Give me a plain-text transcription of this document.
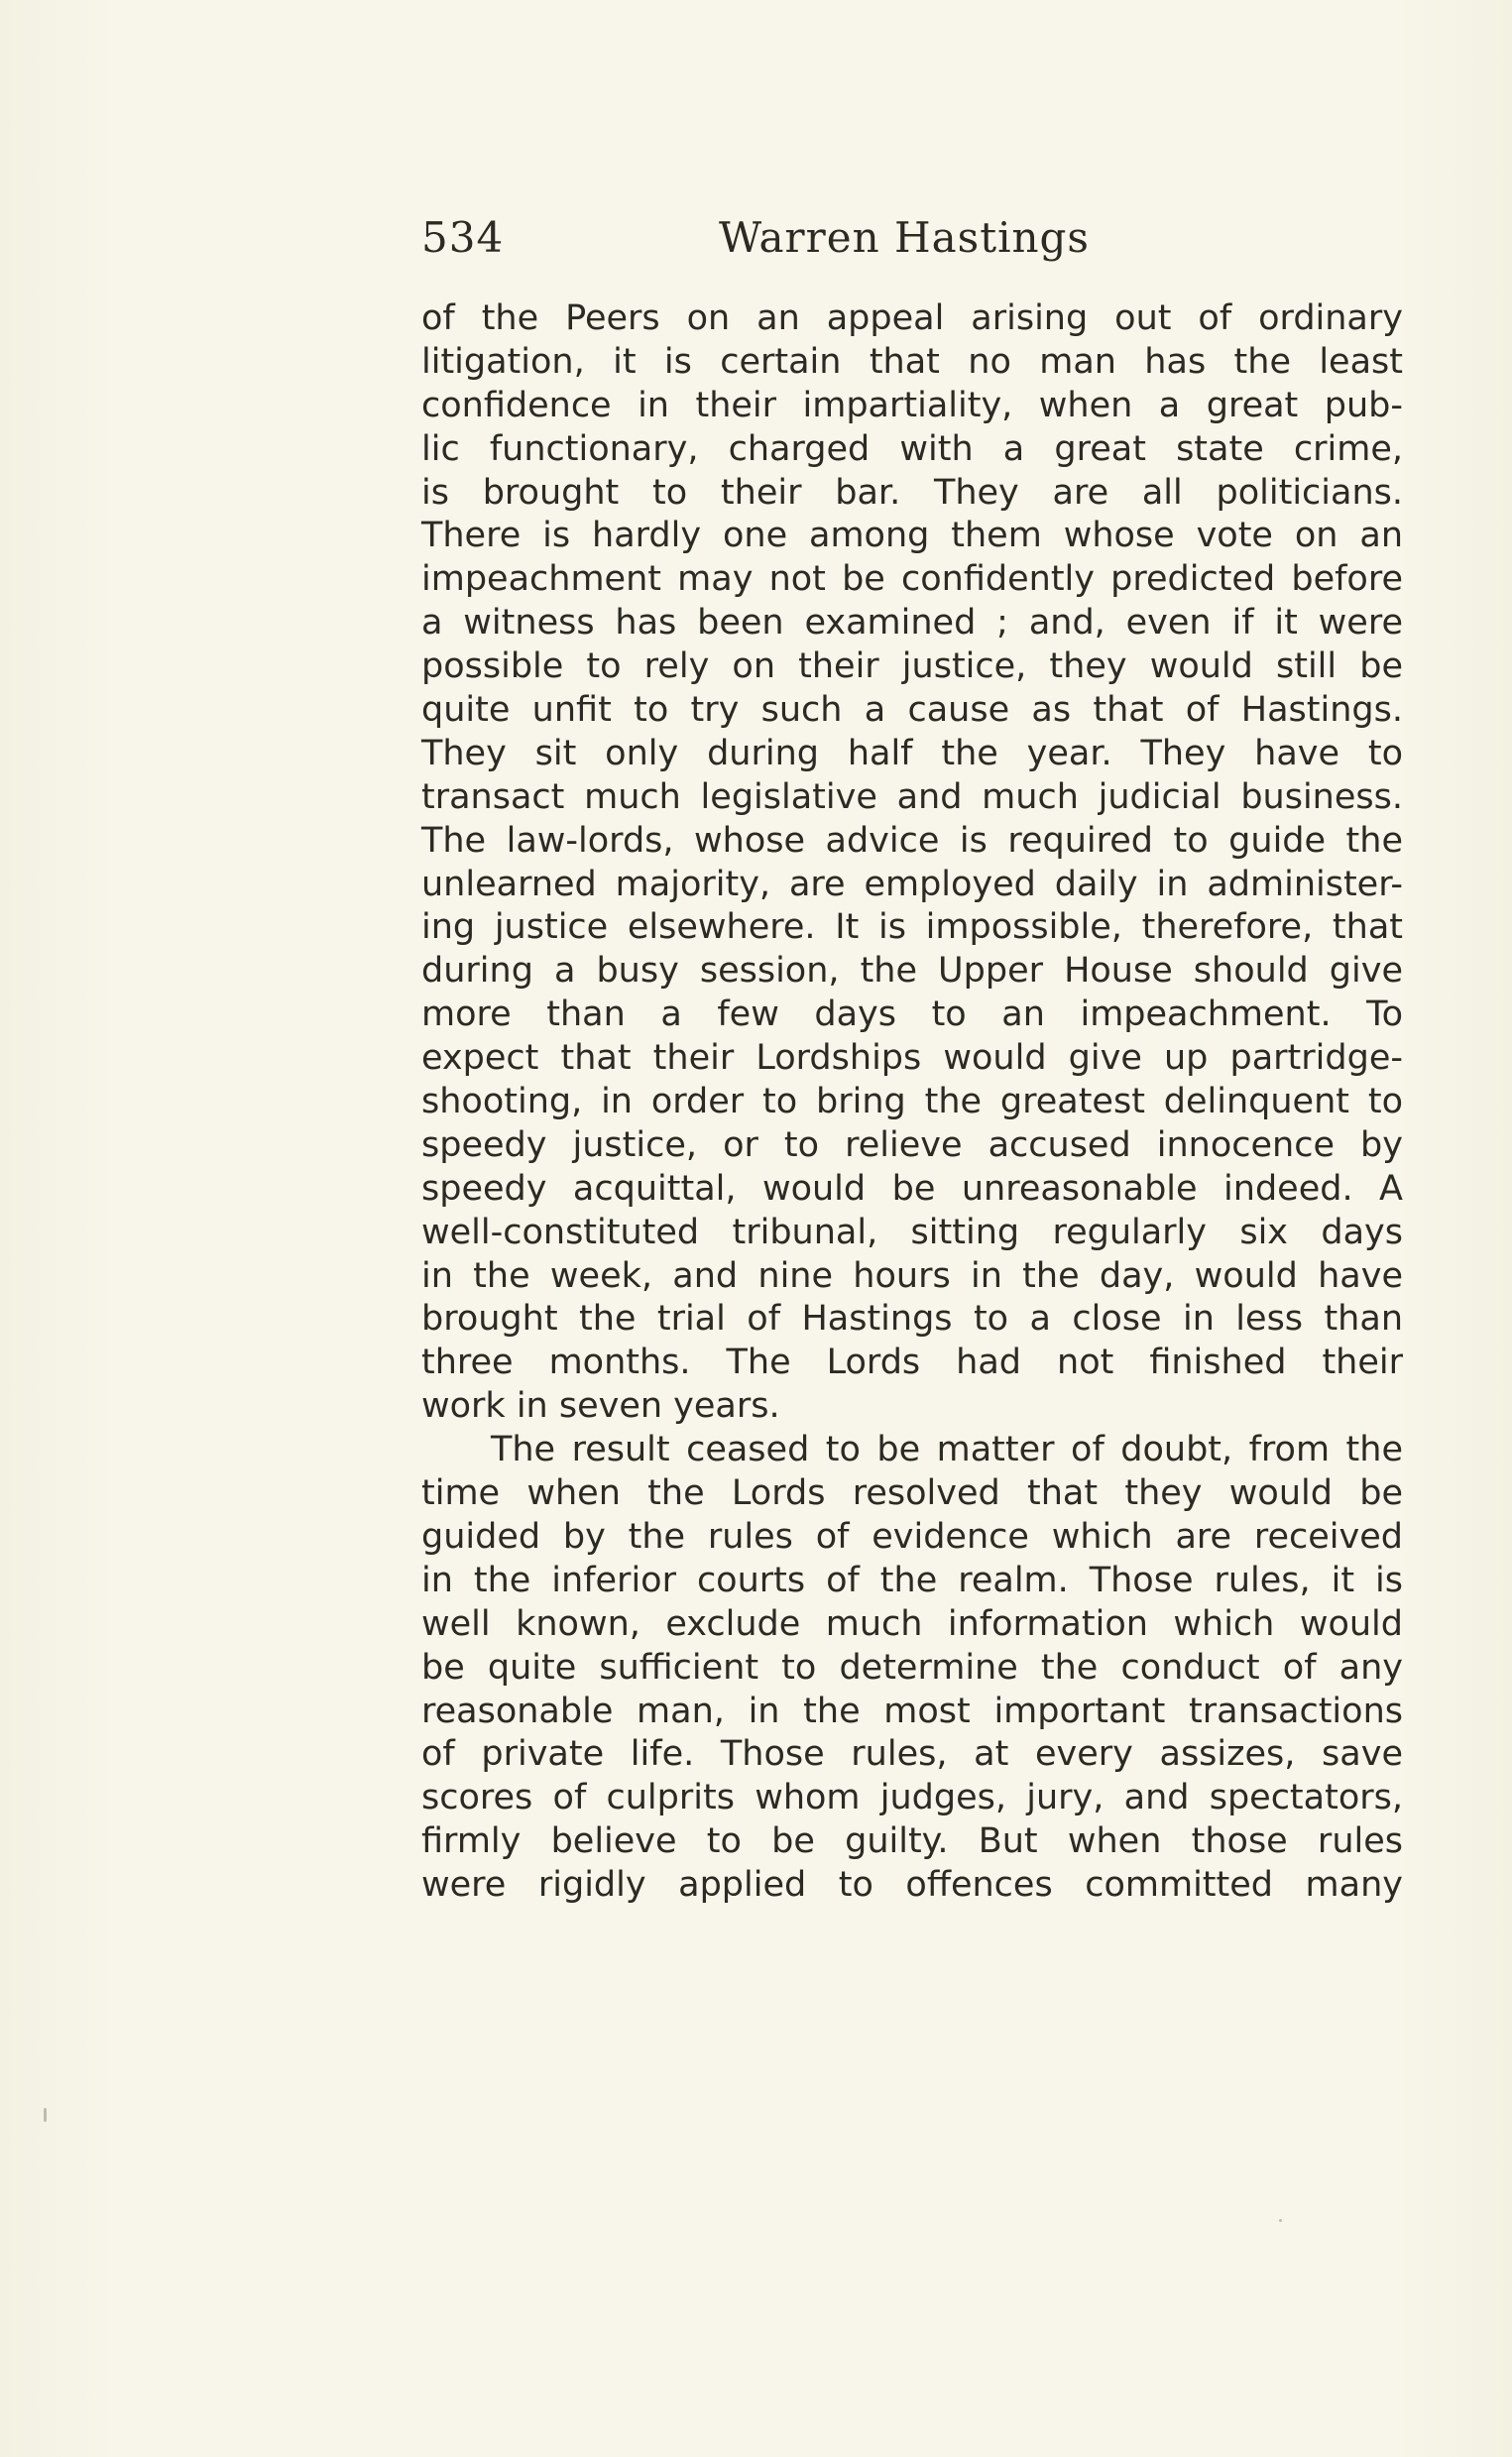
534	Warren Hastings
of the Peers on an appeal arising out of ordinary
litigation, it is certain that no man has the least
confidence in their impartiality, when a great pub-
lic functionary, charged with a great state crime,
is brought to their bar. They are all politicians.
There is hardly one among them whose vote on an
impeachment may not be confidently predicted before
a witness has been examined ; and, even if it were
possible to rely on their justice, they would still be
quite unfit to try such a cause as that of Hastings.
They sit only during half the year. They have to
transact much legislative and much judicial business.
The law-lords, whose advice is required to guide the
unlearned majority, are employed daily in administer-
ing justice elsewhere. It is impossible, therefore, that
during a busy session, the Upper House should give
more than a few days to an impeachment. To
expect that their Lordships would give up partridge-
shooting, in order to bring the greatest delinquent to
speedy justice, or to relieve accused innocence by
speedy acquittal, would be unreasonable indeed. A
well-constituted tribunal, sitting regularly six days
in the week, and nine hours in the day, would have
brought the trial of Hastings to a close in less than
three months. The Lords had not finished their
work in seven years.
The result ceased to be matter of doubt, from the
time when the Lords resolved that they would be
guided by the rules of evidence which are received
in the inferior courts of the realm. Those rules, it is
well known, exclude much information which would
be quite sufficient to determine the conduct of any
reasonable man, in the most important transactions
of private life. Those rules, at every assizes, save
scores of culprits whom judges, jury, and spectators,
firmly believe to be guilty. But when those rules
were rigidly applied to offences committed many
